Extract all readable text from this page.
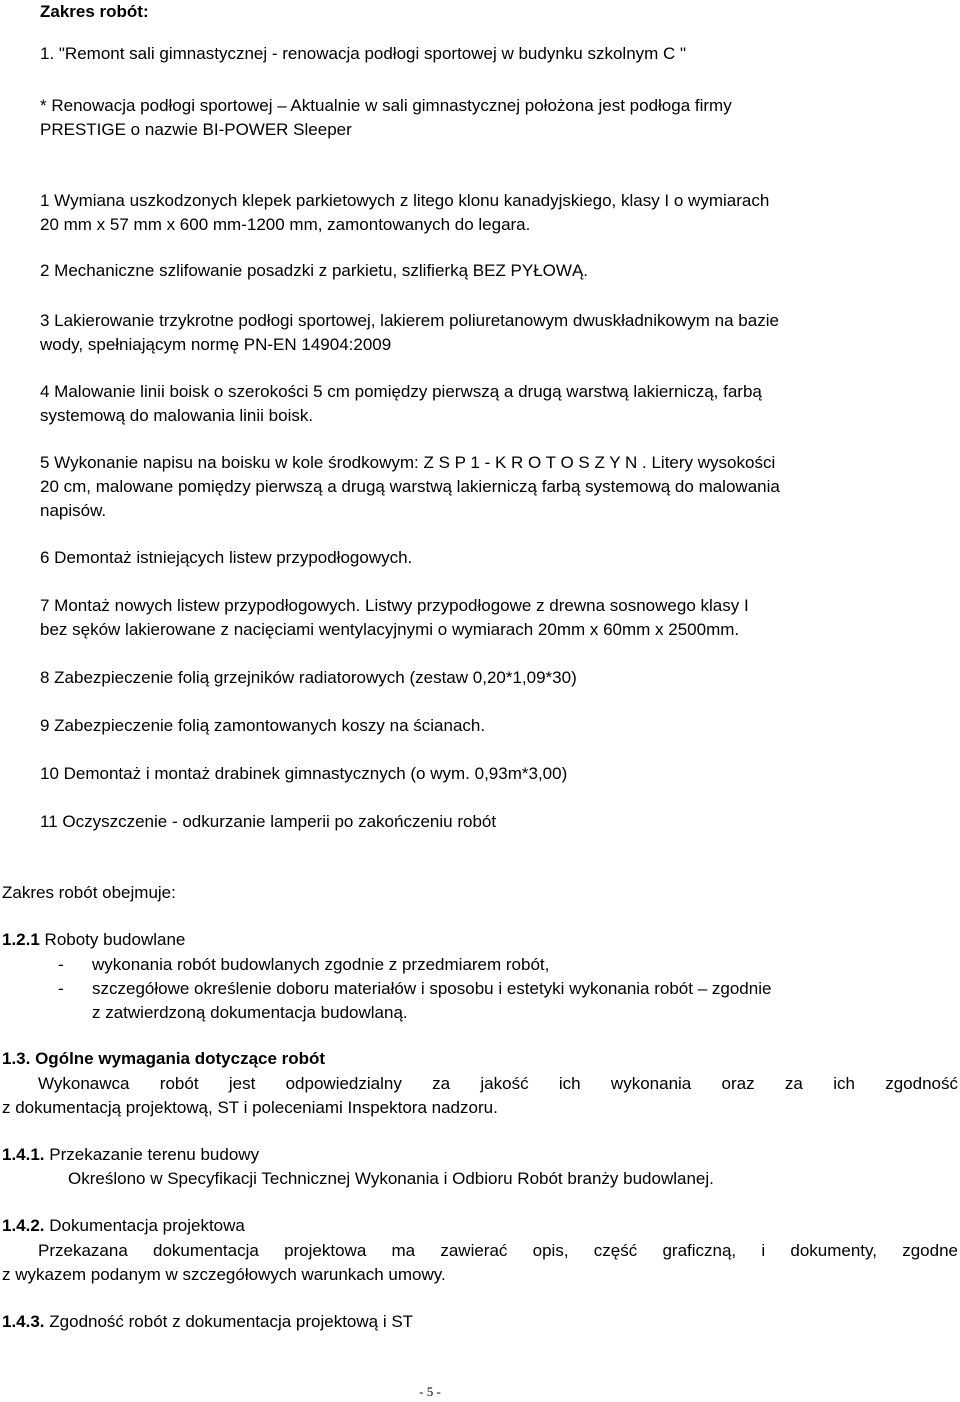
Zakres robót:
1. "Remont sali gimnastycznej - renowacja podłogi sportowej w budynku szkolnym C "
* Renowacja podłogi sportowej – Aktualnie w sali gimnastycznej położona jest podłoga firmy
PRESTIGE o nazwie BI-POWER Sleeper
1 Wymiana uszkodzonych klepek parkietowych z litego klonu kanadyjskiego, klasy I o wymiarach
20 mm x 57 mm x 600 mm-1200 mm, zamontowanych do legara.
2 Mechaniczne szlifowanie posadzki z parkietu, szlifierką BEZ PYŁOWĄ.
3 Lakierowanie trzykrotne podłogi sportowej, lakierem poliuretanowym dwuskładnikowym na bazie
wody, spełniającym normę PN-EN 14904:2009
4 Malowanie linii boisk o szerokości 5 cm pomiędzy pierwszą a drugą warstwą lakierniczą, farbą
systemową do malowania linii boisk.
5 Wykonanie napisu na boisku w kole środkowym: Z S P 1 - K R O T O S Z Y N . Litery wysokości
20 cm, malowane pomiędzy pierwszą a drugą warstwą lakierniczą farbą systemową do malowania
napisów.
6 Demontaż istniejących listew przypodłogowych.
7 Montaż nowych listew przypodłogowych. Listwy przypodłogowe z drewna sosnowego klasy I
bez sęków lakierowane z nacięciami wentylacyjnymi o wymiarach 20mm x 60mm x 2500mm.
8 Zabezpieczenie folią grzejników radiatorowych (zestaw 0,20*1,09*30)
9 Zabezpieczenie folią zamontowanych koszy na ścianach.
10 Demontaż i montaż drabinek gimnastycznych (o wym. 0,93m*3,00)
11 Oczyszczenie - odkurzanie lamperii po zakończeniu robót
Zakres robót obejmuje:
1.2.1 Roboty budowlane
- wykonania robót budowlanych zgodnie z przedmiarem robót,
- szczegółowe określenie doboru materiałów i sposobu i estetyki wykonania robót – zgodnie
z zatwierdzoną dokumentacja budowlaną.
1.3. Ogólne wymagania dotyczące robót
Wykonawca robót jest odpowiedzialny za jakość ich wykonania oraz za ich zgodność
z dokumentacją projektową, ST i poleceniami Inspektora nadzoru.
1.4.1. Przekazanie terenu budowy
Określono w Specyfikacji Technicznej Wykonania i Odbioru Robót branży budowlanej.
1.4.2. Dokumentacja projektowa
Przekazana dokumentacja projektowa ma zawierać opis, część graficzną, i dokumenty, zgodne
z wykazem podanym w szczegółowych warunkach umowy.
1.4.3. Zgodność robót z dokumentacja projektową i ST
- 5 -
